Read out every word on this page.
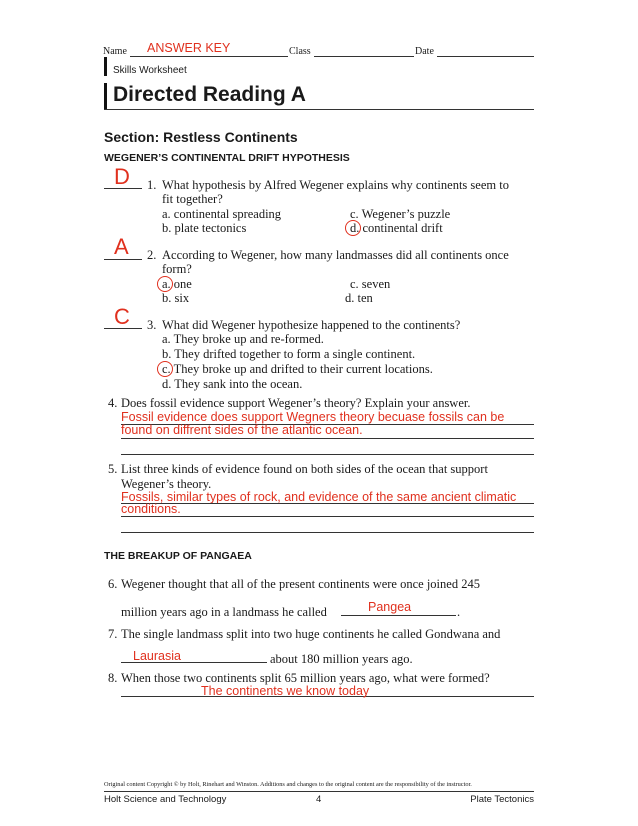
Name ANSWER KEY	Class	Date
Skills Worksheet
Directed Reading A
Section: Restless Continents
WEGENER’S CONTINENTAL DRIFT HYPOTHESIS
D 1. What hypothesis by Alfred Wegener explains why continents seem to
fit together?
a. continental spreading	c. Wegener’s puzzle
b. plate tectonics	d. continental drift
A 2. According to Wegener, how many landmasses did all continents once
form?
a. one	c. seven
b. six	d. ten
C 3. What did Wegener hypothesize happened to the continents?
a. They broke up and re-formed.
b. They drifted together to form a single continent.
c. They broke up and drifted to their current locations.
d. They sank into the ocean.
4. Does fossil evidence support Wegener’s theory? Explain your answer.
Fossil evidence does support Wegners theory becuase fossils can be
found on diffrent sides of the atlantic ocean.
5. List three kinds of evidence found on both sides of the ocean that support
Wegener’s theory.
Fossils, similar types of rock, and evidence of the same ancient climatic
conditions.
THE BREAKUP OF PANGAEA
6. Wegener thought that all of the present continents were once joined 245
million years ago in a landmass he called	Pangea	.
7. The single landmass split into two huge continents he called Gondwana and
Laurasia	about 180 million years ago.
8. When those two continents split 65 million years ago, what were formed?
The continents we know today
Original content Copyright © by Holt, Rinehart and Winston. Additions and changes to the original content are the responsibility of the instructor.
Holt Science and Technology	4	Plate Tectonics
